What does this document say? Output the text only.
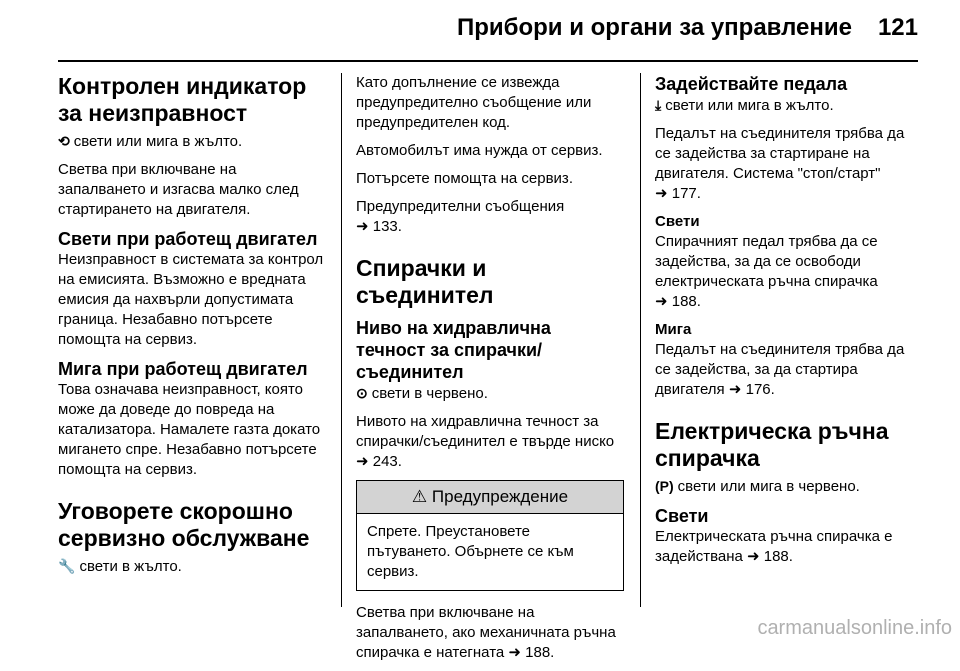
Прибори и органи за управление 121
Контролен индикатор за неизправност

⟲ свети или мига в жълто.

Светва при включване на запалването и изгасва малко след стартирането на двигателя.

Свети при работещ двигател

Неизправност в системата за контрол на емисията. Възможно е вредната емисия да нахвърли допустимата граница. Незабавно потърсете помощта на сервиз.

Мига при работещ двигател

Това означава неизправност, която може да доведе до повреда на катализатора. Намалете газта докато мигането спре. Незабавно потърсете помощта на сервиз.

Уговорете скорошно сервизно обслужване

🔧 свети в жълто.

Като допълнение се извежда предупредително съобщение или предупредителен код.

Автомобилът има нужда от сервиз.

Потърсете помощта на сервиз.

Предупредителни съобщения
➜ 133.

Спирачки и съединител
Ниво на хидравлична течност за спирачки/съединител

⊙ свети в червено.

Нивото на хидравлична течност за спирачки/съединител е твърде ниско ➜ 243.

⚠ Предупреждение
Спрете. Преустановете пътуването. Обърнете се към сервиз.

Светва при включване на запалването, ако механичната ръчна спирачка е натегната ➜ 188.

Задействайте педала

⤓ свети или мига в жълто.

Педалът на съединителя трябва да се задейства за стартиране на двигателя. Система "стоп/старт"
➜ 177.

Свети

Спирачният педал трябва да се задейства, за да се освободи електрическата ръчна спирачка
➜ 188.

Мига

Педалът на съединителя трябва да се задейства, за да стартира двигателя ➜ 176.

Електрическа ръчна спирачка

(P) свети или мига в червено.

Свети

Електрическата ръчна спирачка е задействана ➜ 188.

carmanualsonline.info
